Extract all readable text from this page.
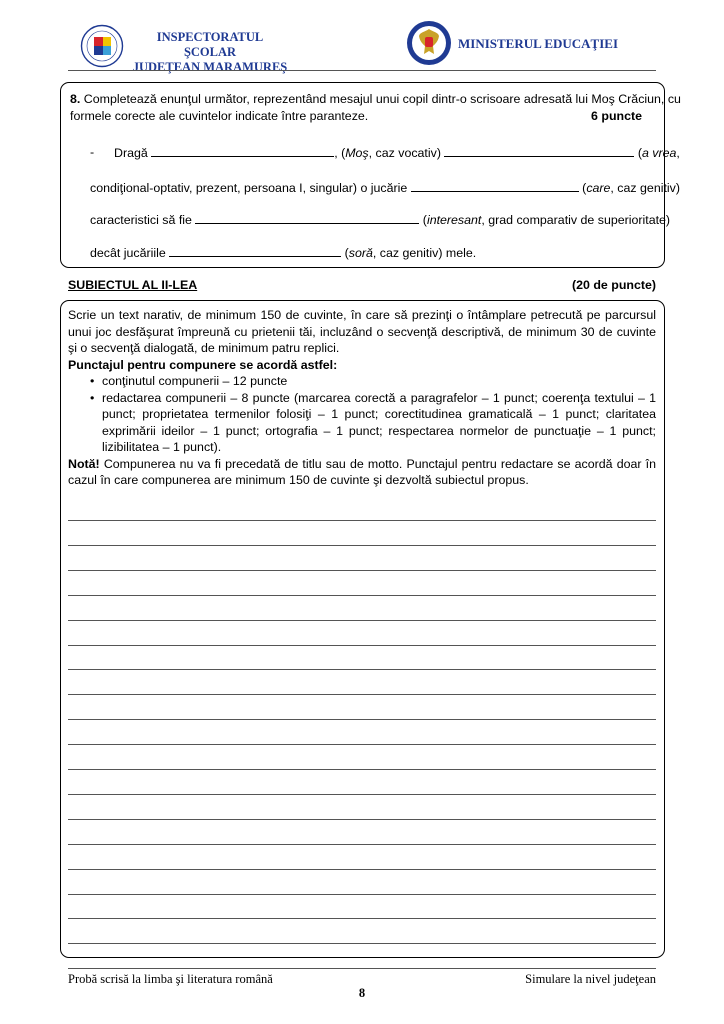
INSPECTORATUL ŞCOLAR
JUDEŢEAN MARAMUREŞ
MINISTERUL EDUCAŢIEI
8. Completează enunţul următor, reprezentând mesajul unui copil dintr-o scrisoare adresată lui Moş Crăciun, cu
formele corecte ale cuvintelor indicate între paranteze.	6 puncte
- Dragă	, (Moş, caz vocativ)	(a vrea,
condiţional-optativ, prezent, persoana I, singular) o jucărie	(care, caz genitiv)
caracteristici să fie	(interesant, grad comparativ de superioritate)
decât jucăriile	(soră, caz genitiv) mele.
SUBIECTUL AL II-LEA	(20 de puncte)

Scrie un text narativ, de minimum 150 de cuvinte, în care să prezinţi o întâmplare petrecută pe parcursul unui joc desfăşurat împreună cu prietenii tăi, incluzând o secvenţă descriptivă, de minimum 30 de cuvinte şi o secvenţă dialogată, de minimum patru replici.

Punctajul pentru compunere se acordă astfel:

• conţinutul compunerii – 12 puncte
• redactarea compunerii – 8 puncte (marcarea corectă a paragrafelor – 1 punct; coerenţa textului – 1 punct; proprietatea termenilor folosiţi – 1 punct; corectitudinea gramaticală – 1 punct; claritatea exprimării ideilor – 1 punct; ortografia – 1 punct; respectarea normelor de punctuaţie – 1 punct; lizibilitatea – 1 punct).

Notă! Compunerea nu va fi precedată de titlu sau de motto. Punctajul pentru redactare se acordă doar în cazul în care compunerea are minimum 150 de cuvinte şi dezvoltă subiectul propus.

Probă scrisă la limba şi literatura română	Simulare la nivel judeţean
8
